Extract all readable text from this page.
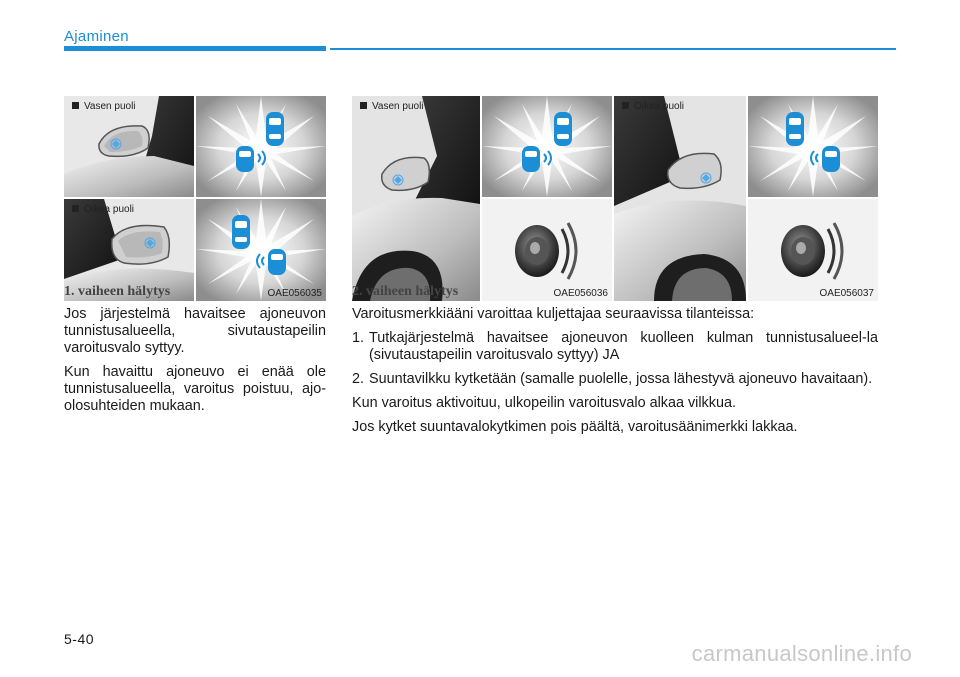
Ajaminen
Vasen puoli
Oikea puoli
OAE056035
Vasen puoli
OAE056036
Oikea puoli
OAE056037
1. vaiheen hälytys

Jos järjestelmä havaitsee ajoneuvon tunnistusalueella, sivutaustapeilin varoitusvalo syttyy.

Kun havaittu ajoneuvo ei enää ole tunnistusalueella, varoitus poistuu, ajo-olosuhteiden mukaan.

2. vaiheen hälytys

Varoitusmerkkiääni varoittaa kuljettajaa seuraavissa tilanteissa:

1. Tutkajärjestelmä havaitsee ajoneuvon kuolleen kulman tunnistusalueel-la (sivutaustapeilin varoitusvalo syttyy) JA
2. Suuntavilkku kytketään (samalle puolelle, jossa lähestyvä ajoneuvo havaitaan).

Kun varoitus aktivoituu, ulkopeilin varoitusvalo alkaa vilkkua.

Jos kytket suuntavalokytkimen pois päältä, varoitusäänimerkki lakkaa.

5-40
carmanualsonline.info
